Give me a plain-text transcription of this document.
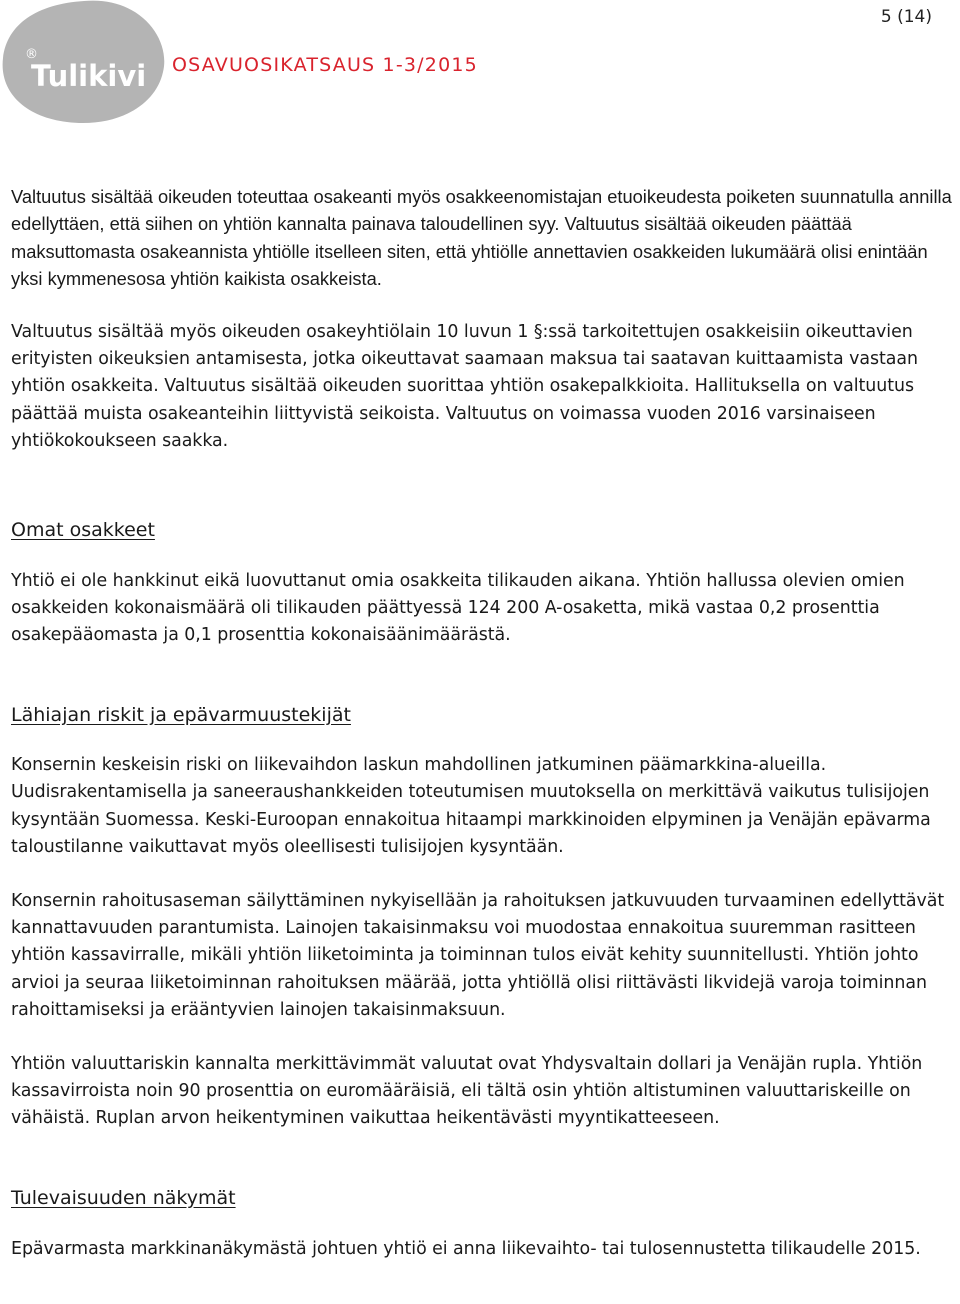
®
Tulikivi OSAVUOSIKATSAUS 1-3/2015
5 (14)

Valtuutus sisältää oikeuden toteuttaa osakeanti myös osakkeenomistajan etuoikeudesta poiketen suunnatulla annilla edellyttäen, että siihen on yhtiön kannalta painava taloudellinen syy. Valtuutus sisältää oikeuden päättää maksuttomasta osakeannista yhtiölle itselleen siten, että yhtiölle annettavien osakkeiden lukumäärä olisi enintään yksi kymmenesosa yhtiön kaikista osakkeista.

Valtuutus sisältää myös oikeuden osakeyhtiölain 10 luvun 1 §:ssä tarkoitettujen osakkeisiin oikeuttavien erityisten oikeuksien antamisesta, jotka oikeuttavat saamaan maksua tai saatavan kuittaamista vastaan yhtiön osakkeita. Valtuutus sisältää oikeuden suorittaa yhtiön osakepalkkioita. Hallituksella on valtuutus päättää muista osakeanteihin liittyvistä seikoista. Valtuutus on voimassa vuoden 2016 varsinaiseen yhtiökokoukseen saakka.

Omat osakkeet

Yhtiö ei ole hankkinut eikä luovuttanut omia osakkeita tilikauden aikana. Yhtiön hallussa olevien omien osakkeiden kokonaismäärä oli tilikauden päättyessä 124 200 A-osaketta, mikä vastaa 0,2 prosenttia osakepääomasta ja 0,1 prosenttia kokonaisäänimäärästä.

Lähiajan riskit ja epävarmuustekijät

Konsernin keskeisin riski on liikevaihdon laskun mahdollinen jatkuminen päämarkkina-alueilla. Uudisrakentamisella ja saneeraushankkeiden toteutumisen muutoksella on merkittävä vaikutus tulisijojen kysyntään Suomessa. Keski-Euroopan ennakoitua hitaampi markkinoiden elpyminen ja Venäjän epävarma taloustilanne vaikuttavat myös oleellisesti tulisijojen kysyntään.

Konsernin rahoitusaseman säilyttäminen nykyisellään ja rahoituksen jatkuvuuden turvaaminen edellyttävät kannattavuuden parantumista. Lainojen takaisinmaksu voi muodostaa ennakoitua suuremman rasitteen yhtiön kassavirralle, mikäli yhtiön liiketoiminta ja toiminnan tulos eivät kehity suunnitellusti. Yhtiön johto arvioi ja seuraa liiketoiminnan rahoituksen määrää, jotta yhtiöllä olisi riittävästi likvidejä varoja toiminnan rahoittamiseksi ja erääntyvien lainojen takaisinmaksuun.

Yhtiön valuuttariskin kannalta merkittävimmät valuutat ovat Yhdysvaltain dollari ja Venäjän rupla. Yhtiön kassavirroista noin 90 prosenttia on euromääräisiä, eli tältä osin yhtiön altistuminen valuuttariskeille on vähäistä. Ruplan arvon heikentyminen vaikuttaa heikentävästi myyntikatteeseen.

Tulevaisuuden näkymät

Epävarmasta markkinanäkymästä johtuen yhtiö ei anna liikevaihto- tai tulosennustetta tilikaudelle 2015.
